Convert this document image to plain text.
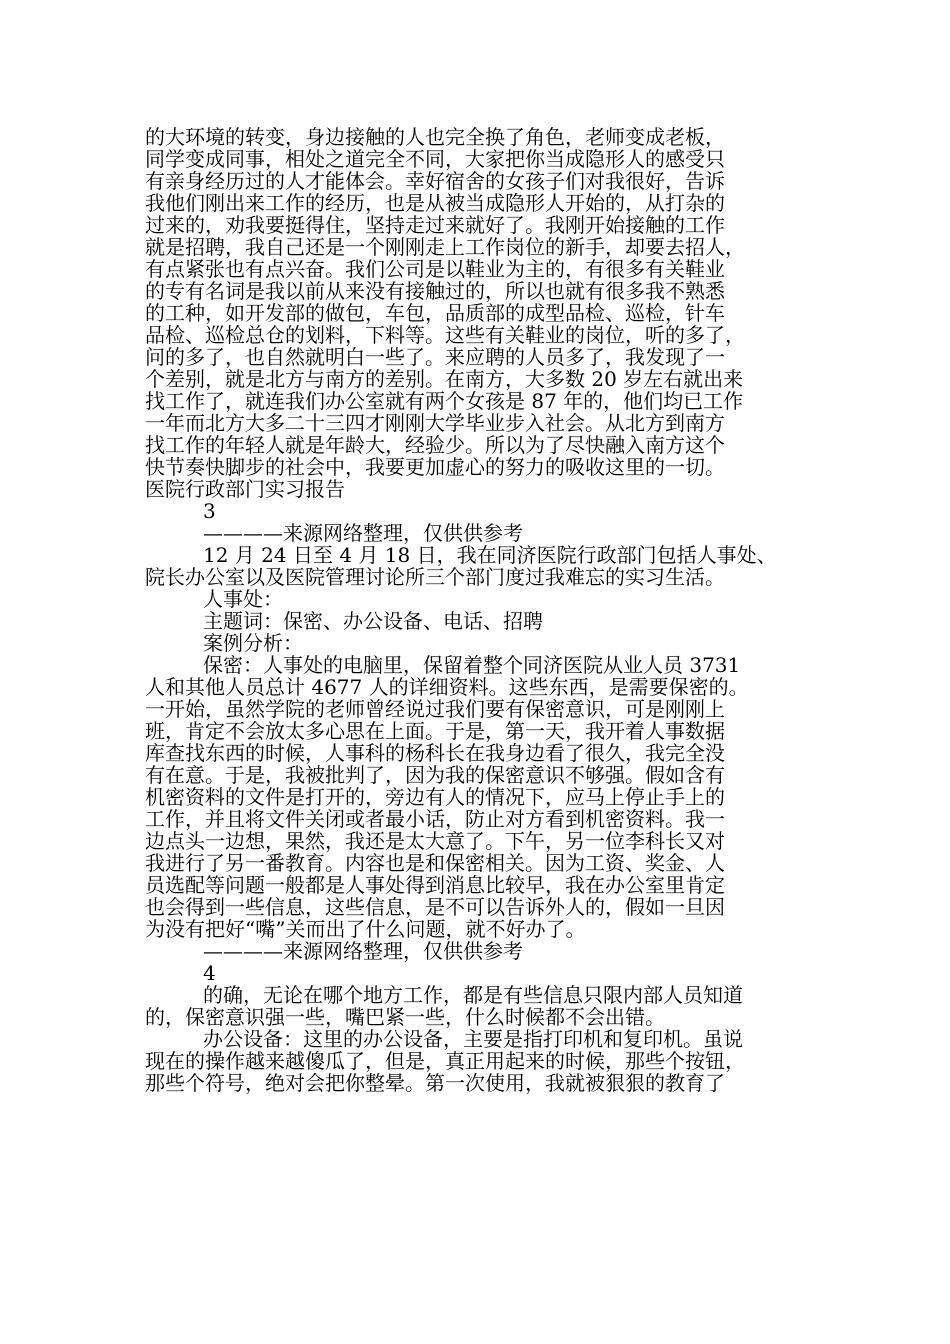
的大环境的转变，身边接触的人也完全换了角色，老师变成老板，
同学变成同事，相处之道完全不同，大家把你当成隐形人的感受只
有亲身经历过的人才能体会。幸好宿舍的女孩子们对我很好，告诉
我他们刚出来工作的经历，也是从被当成隐形人开始的，从打杂的
过来的，劝我要挺得住，坚持走过来就好了。我刚开始接触的工作
就是招聘，我自己还是一个刚刚走上工作岗位的新手，却要去招人，
有点紧张也有点兴奋。我们公司是以鞋业为主的，有很多有关鞋业
的专有名词是我以前从来没有接触过的，所以也就有很多我不熟悉
的工种，如开发部的做包，车包，品质部的成型品检、巡检，针车
品检、巡检总仓的划料，下料等。这些有关鞋业的岗位，听的多了，
问的多了，也自然就明白一些了。来应聘的人员多了，我发现了一
个差别，就是北方与南方的差别。在南方，大多数 20 岁左右就出来
找工作了，就连我们办公室就有两个女孩是 87 年的，他们均已工作
一年而北方大多二十三四才刚刚大学毕业步入社会。从北方到南方
找工作的年轻人就是年龄大，经验少。所以为了尽快融入南方这个
快节奏快脚步的社会中，我要更加虚心的努力的吸收这里的一切。
医院行政部门实习报告
3
————来源网络整理，仅供供参考
12 月 24 日至 4 月 18 日，我在同济医院行政部门包括人事处、
院长办公室以及医院管理讨论所三个部门度过我难忘的实习生活。
人事处：
主题词：保密、办公设备、电话、招聘
案例分析：
保密：人事处的电脑里，保留着整个同济医院从业人员 3731
人和其他人员总计 4677 人的详细资料。这些东西，是需要保密的。
一开始，虽然学院的老师曾经说过我们要有保密意识，可是刚刚上
班，肯定不会放太多心思在上面。于是，第一天，我开着人事数据
库查找东西的时候，人事科的杨科长在我身边看了很久，我完全没
有在意。于是，我被批判了，因为我的保密意识不够强。假如含有
机密资料的文件是打开的，旁边有人的情况下，应马上停止手上的
工作，并且将文件关闭或者最小话，防止对方看到机密资料。我一
边点头一边想，果然，我还是太大意了。下午，另一位李科长又对
我进行了另一番教育。内容也是和保密相关。因为工资、奖金、人
员选配等问题一般都是人事处得到消息比较早，我在办公室里肯定
也会得到一些信息，这些信息，是不可以告诉外人的，假如一旦因
为没有把好“嘴”关而出了什么问题，就不好办了。
————来源网络整理，仅供供参考
4
的确，无论在哪个地方工作，都是有些信息只限内部人员知道
的，保密意识强一些，嘴巴紧一些，什么时候都不会出错。
办公设备：这里的办公设备，主要是指打印机和复印机。虽说
现在的操作越来越傻瓜了，但是，真正用起来的时候，那些个按钮，
那些个符号，绝对会把你整晕。第一次使用，我就被狠狠的教育了
